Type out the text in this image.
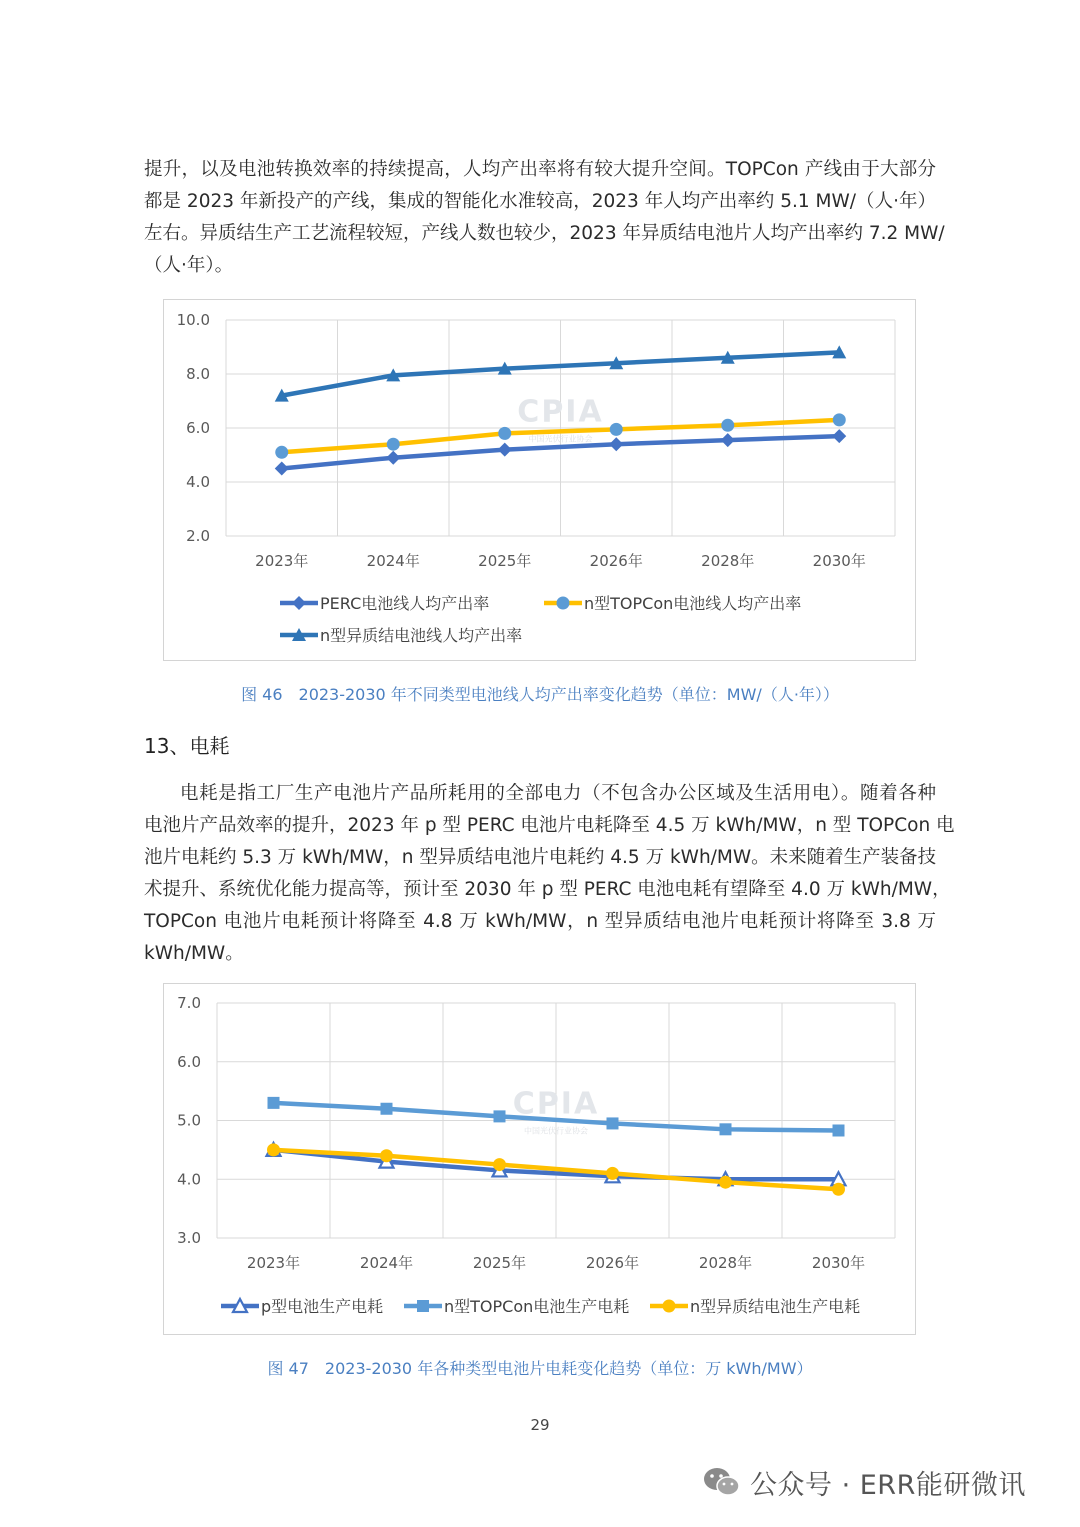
提升，以及电池转换效率的持续提高，人均产出率将有较大提升空间。TOPCon 产线由于大部分
都是 2023 年新投产的产线，集成的智能化水准较高，2023 年人均产出率约 5.1 MW/（人·年）
左右。异质结生产工艺流程较短，产线人数也较少，2023 年异质结电池片人均产出率约 7.2 MW/
（人·年）。
2.0
4.0
6.0
8.0
10.0
2023年	2024年	2025年	2026年	2028年	2030年
CPIA
中国光伏行业协会
PERC电池线人均产出率	n型TOPCon电池线人均产出率
n型异质结电池线人均产出率
图 46　2023-2030 年不同类型电池线人均产出率变化趋势（单位：MW/（人·年））
13、电耗
电耗是指工厂生产电池片产品所耗用的全部电力（不包含办公区域及生活用电）。随着各种
电池片产品效率的提升，2023 年 p 型 PERC 电池片电耗降至 4.5 万 kWh/MW，n 型 TOPCon 电
池片电耗约 5.3 万 kWh/MW，n 型异质结电池片电耗约 4.5 万 kWh/MW。未来随着生产装备技
术提升、系统优化能力提高等，预计至 2030 年 p 型 PERC 电池电耗有望降至 4.0 万 kWh/MW，
TOPCon 电池片电耗预计将降至 4.8 万 kWh/MW，n 型异质结电池片电耗预计将降至 3.8 万
kWh/MW。
3.0
4.0
5.0
6.0
7.0
2023年	2024年	2025年	2026年	2028年	2030年
CPIA
中国光伏行业协会
p型电池生产电耗	n型TOPCon电池生产电耗	n型异质结电池生产电耗
图 47　2023-2030 年各种类型电池片电耗变化趋势（单位：万 kWh/MW）
29
公众号 · ERR能研微讯
